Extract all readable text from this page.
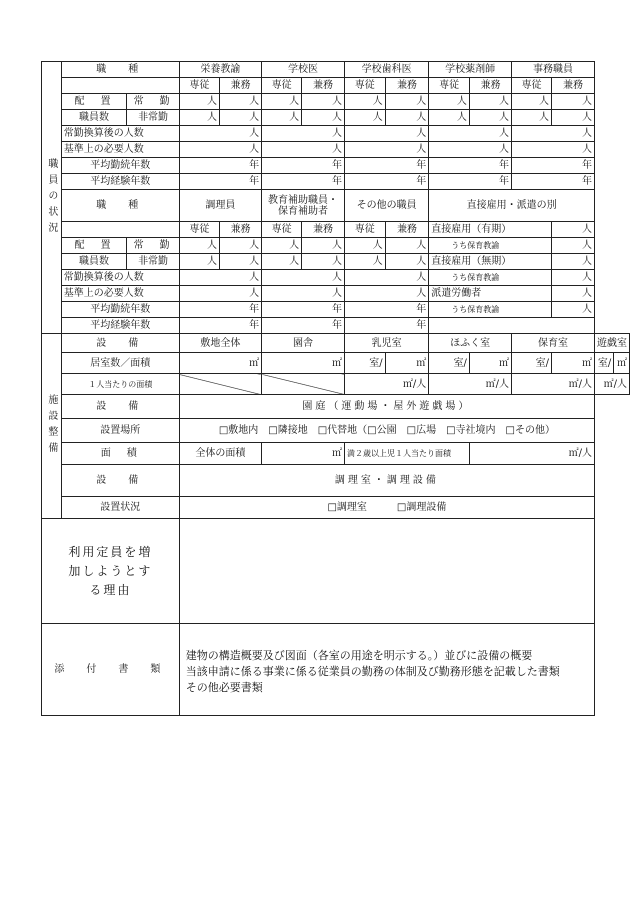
職員の状況	職　種		栄養教諭		学校医		学校歯科医		学校薬剤師		事務職員			
			専従	兼務	専従	兼務	専従	兼務	専従	兼務	専従	兼務		
	配　置	常　勤	人	人	人	人	人	人	人	人	人	人		
	職員数	非常勤	人	人	人	人	人	人	人	人	人	人		
	常勤換算後の人数		人		人		人		人		人			
	基準上の必要人数		人		人		人		人		人			
	平均勤続年数		年		年		年		年		年			
	平均経験年数		年		年		年		年		年			
	職　種		調理員		教育補助職員・保育補助者		その他の職員		直接雇用・派遣の別					
			専従	兼務	専従	兼務	専従	兼務	直接雇用（有期）			人		
	配　置	常　勤	人	人	人	人	人	人	うち保育教諭			人		
	職員数	非常勤	人	人	人	人	人	人	直接雇用（無期）			人		
	常勤換算後の人数		人		人		人		うち保育教諭			人		
	基準上の必要人数		人		人		人		派遣労働者			人		
	平均勤続年数		年		年		年		うち保育教諭			人		
	平均経験年数		年		年		年							
施設整備	設　備		敷地全体		園舎		乳児室		ほふく室		保育室		遊戯室	
	居室数／面積		㎡		㎡		室/	㎡	室/	㎡	室/	㎡	室/	㎡
	１人当たりの面積						㎡/人		㎡/人		㎡/人		㎡/人	
	設　備		園庭（運動場・屋外遊戯場）											
	設置場所		□敷地内　□隣接地　□代替地（□公園　□広場　□寺社境内　□その他）											
	面　積		全体の面積		㎡		満２歳以上児１人当たり面積			㎡/人				
	設　備		調理室・調理設備											
	設置状況		□調理室　　　□調理設備											
利用定員を増加しようとする理由														
添　付　書　類			建物の構造概要及び図面（各室の用途を明示する。）並びに設備の概要
当該申請に係る事業に係る従業員の勤務の体制及び勤務形態を記載した書類
その他必要書類											
